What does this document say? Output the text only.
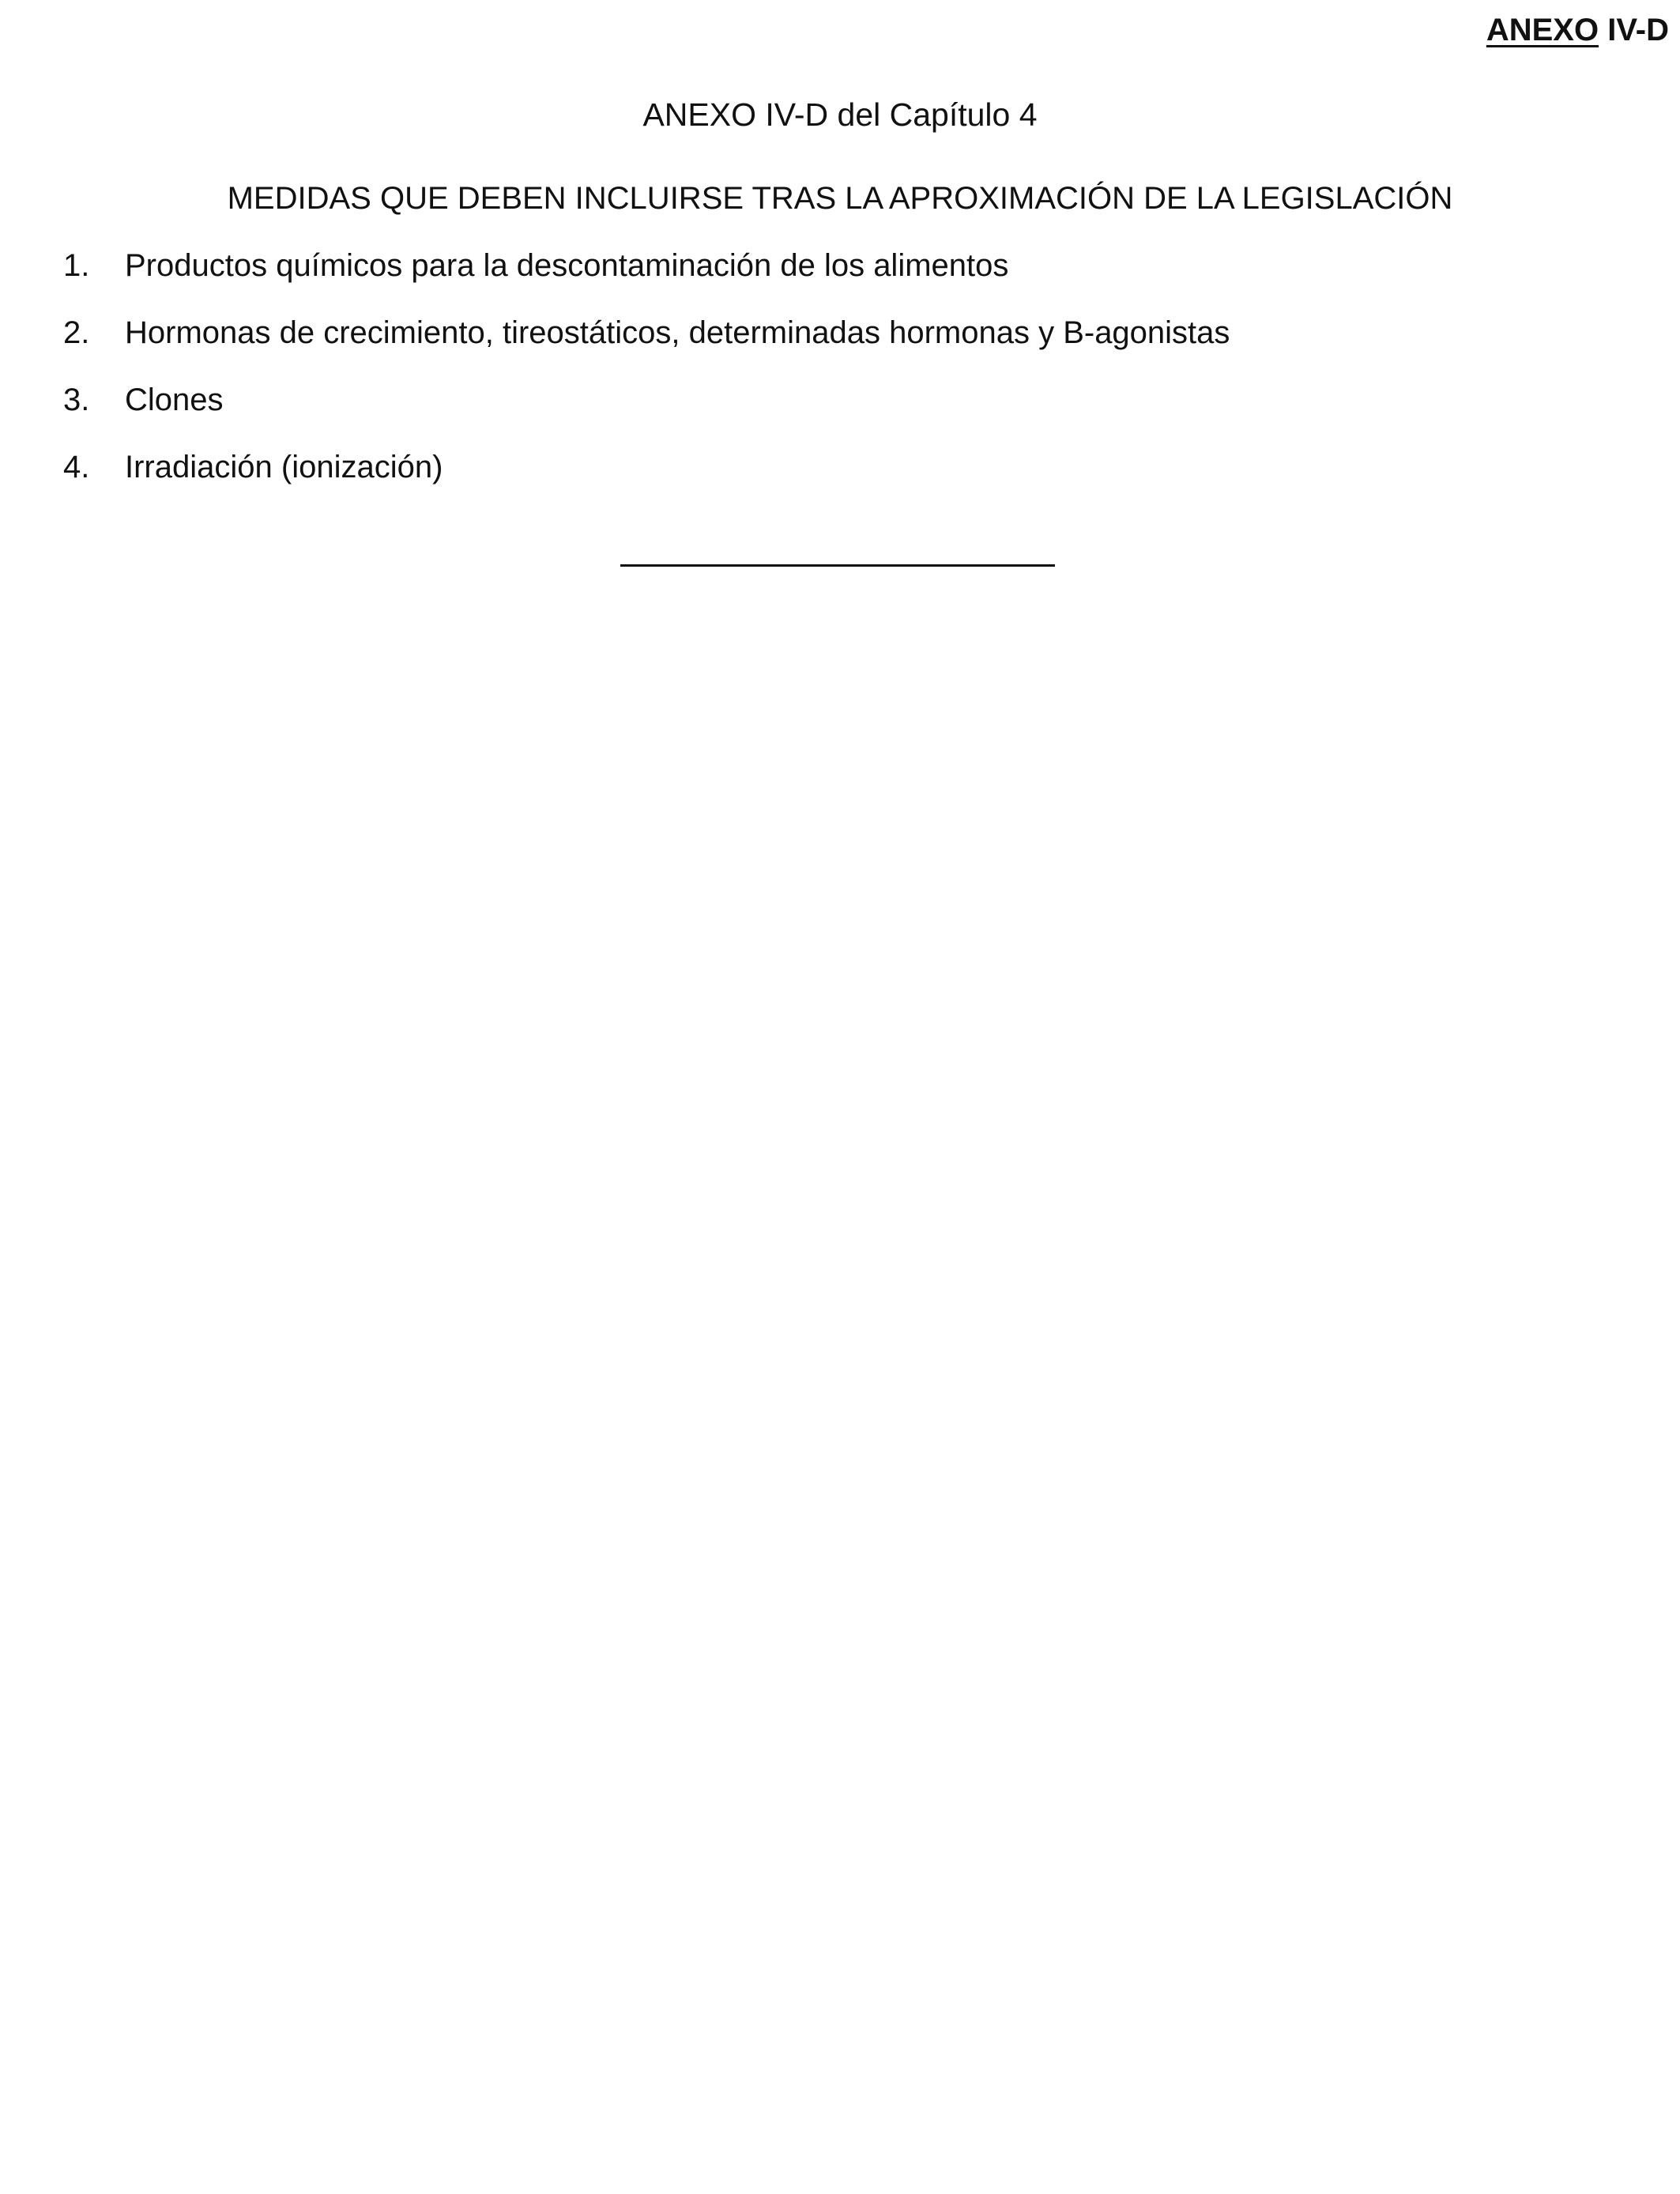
ANEXO IV-D
ANEXO IV-D del Capítulo 4
MEDIDAS QUE DEBEN INCLUIRSE TRAS LA APROXIMACIÓN DE LA LEGISLACIÓN
1.	Productos químicos para la descontaminación de los alimentos
2.	Hormonas de crecimiento, tireostáticos, determinadas hormonas y B-agonistas
3.	Clones
4.	Irradiación (ionización)
